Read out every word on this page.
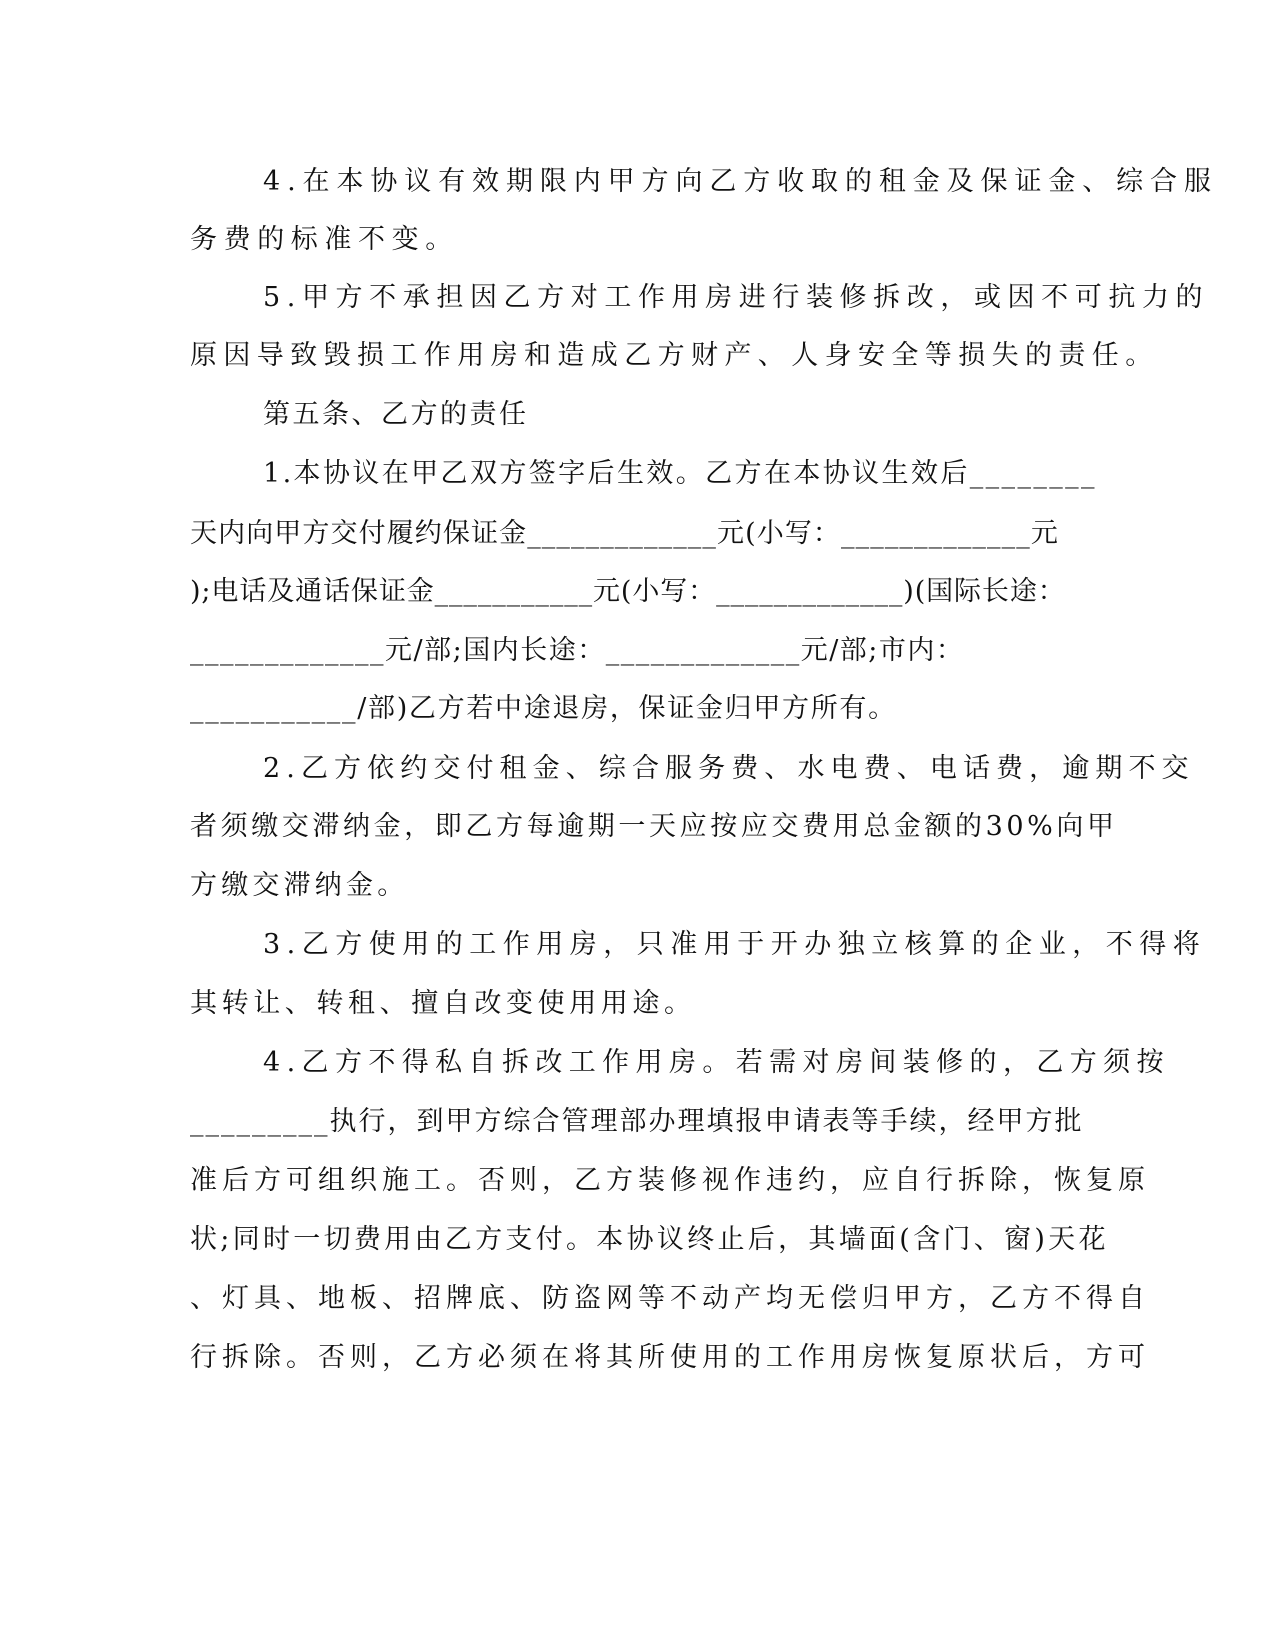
4.在本协议有效期限内甲方向乙方收取的租金及保证金、综合服
务费的标准不变。
5.甲方不承担因乙方对工作用房进行装修拆改，或因不可抗力的
原因导致毁损工作用房和造成乙方财产、人身安全等损失的责任。
第五条、乙方的责任
1.本协议在甲乙双方签字后生效。乙方在本协议生效后________
天内向甲方交付履约保证金_____________元(小写：_____________元
);电话及通话保证金___________元(小写：_____________)(国际长途：
_____________元/部;国内长途：_____________元/部;市内：
___________/部)乙方若中途退房，保证金归甲方所有。
2.乙方依约交付租金、综合服务费、水电费、电话费，逾期不交
者须缴交滞纳金，即乙方每逾期一天应按应交费用总金额的30%向甲
方缴交滞纳金。
3.乙方使用的工作用房，只准用于开办独立核算的企业，不得将
其转让、转租、擅自改变使用用途。
4.乙方不得私自拆改工作用房。若需对房间装修的，乙方须按
_________执行，到甲方综合管理部办理填报申请表等手续，经甲方批
准后方可组织施工。否则，乙方装修视作违约，应自行拆除，恢复原
状;同时一切费用由乙方支付。本协议终止后，其墙面(含门、窗)天花
、灯具、地板、招牌底、防盗网等不动产均无偿归甲方，乙方不得自
行拆除。否则，乙方必须在将其所使用的工作用房恢复原状后，方可
